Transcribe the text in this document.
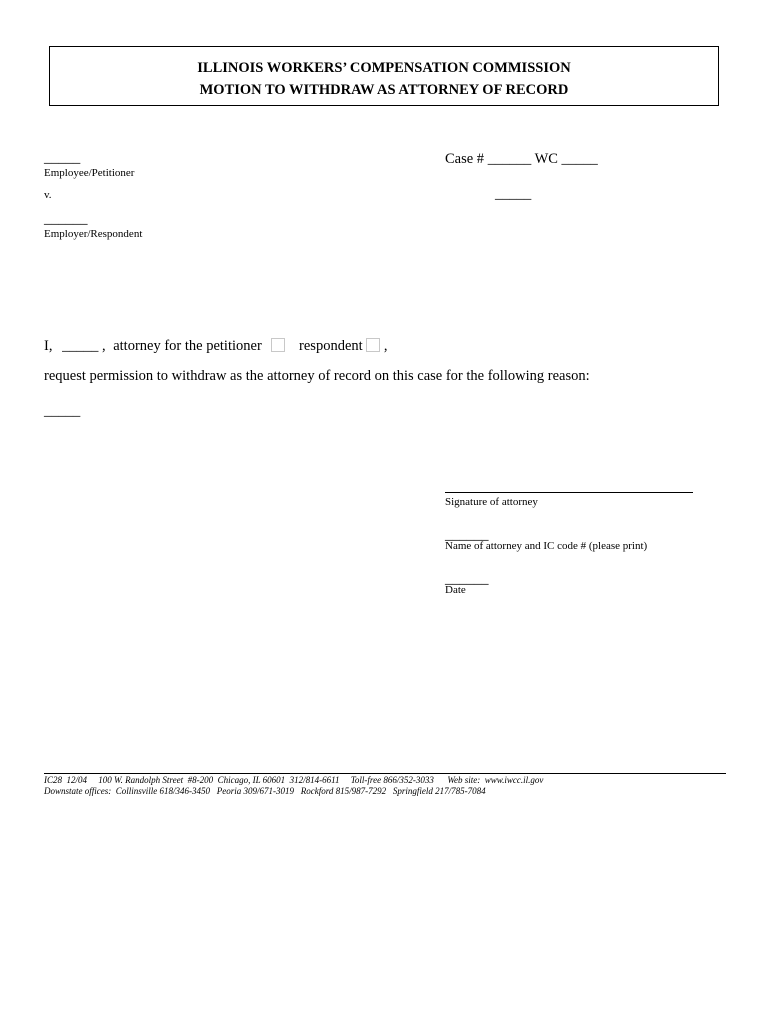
ILLINOIS WORKERS’ COMPENSATION COMMISSION
MOTION TO WITHDRAW AS ATTORNEY OF RECORD
_____
Employee/Petitioner
v.
______
Employer/Respondent
Case # ______ WC _____
_____
I, _____ , attorney for the petitioner	respondent ,
request permission to withdraw as the attorney of record on this case for the following reason:
_____
Signature of attorney
______
Name of attorney and IC code # (please print)
______
Date
IC28  12/04     100 W. Randolph Street  #8-200  Chicago, IL 60601  312/814-6611     Toll-free 866/352-3033      Web site:  www.iwcc.il.gov
Downstate offices:  Collinsville 618/346-3450   Peoria 309/671-3019   Rockford 815/987-7292   Springfield 217/785-7084
